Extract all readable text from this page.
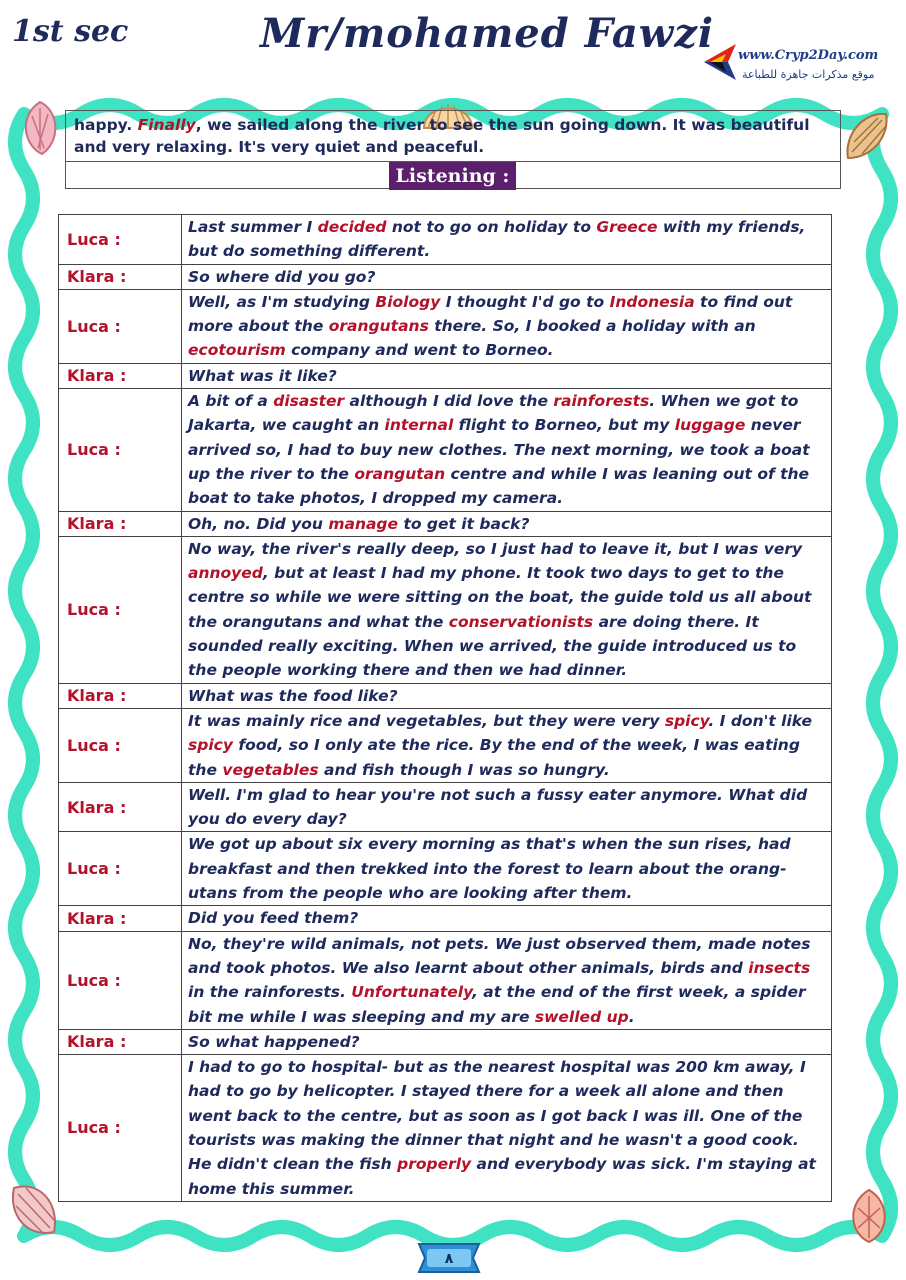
1st sec	Mr/mohamed Fawzi www.Cryp2Day.com
موقع مذكرات جاهزة للطباعة
happy. Finally, we sailed along the river to see the sun going down. It was beautiful and very relaxing. It's very quiet and peaceful.
Listening :
Luca :	Last summer I decided not to go on holiday to Greece with my friends, but do something different.
Klara :	So where did you go?
Luca :	Well, as I'm studying Biology I thought I'd go to Indonesia to find out more about the orangutans there. So, I booked a holiday with an ecotourism company and went to Borneo.
Klara :	What was it like?
Luca :	A bit of a disaster although I did love the rainforests. When we got to Jakarta, we caught an internal flight to Borneo, but my luggage never arrived so, I had to buy new clothes. The next morning, we took a boat up the river to the orangutan centre and while I was leaning out of the boat to take photos, I dropped my camera.
Klara :	Oh, no. Did you manage to get it back?
Luca :	No way, the river's really deep, so I just had to leave it, but I was very annoyed, but at least I had my phone. It took two days to get to the centre so while we were sitting on the boat, the guide told us all about the orangutans and what the conservationists are doing there. It sounded really exciting. When we arrived, the guide introduced us to the people working there and then we had dinner.
Klara :	What was the food like?
Luca :	It was mainly rice and vegetables, but they were very spicy. I don't like spicy food, so I only ate the rice. By the end of the week, I was eating the vegetables and fish though I was so hungry.
Klara :	Well. I'm glad to hear you're not such a fussy eater anymore. What did you do every day?
Luca :	We got up about six every morning as that's when the sun rises, had breakfast and then trekked into the forest to learn about the orang-utans from the people who are looking after them.
Klara :	Did you feed them?
Luca :	No, they're wild animals, not pets. We just observed them, made notes and took photos. We also learnt about other animals, birds and insects in the rainforests. Unfortunately, at the end of the first week, a spider bit me while I was sleeping and my are swelled up.
Klara :	So what happened?
Luca :	I had to go to hospital- but as the nearest hospital was 200 km away, I had to go by helicopter. I stayed there for a week all alone and then went back to the centre, but as soon as I got back I was ill. One of the tourists was making the dinner that night and he wasn't a good cook. He didn't clean the fish properly and everybody was sick. I'm staying at home this summer.
٨
